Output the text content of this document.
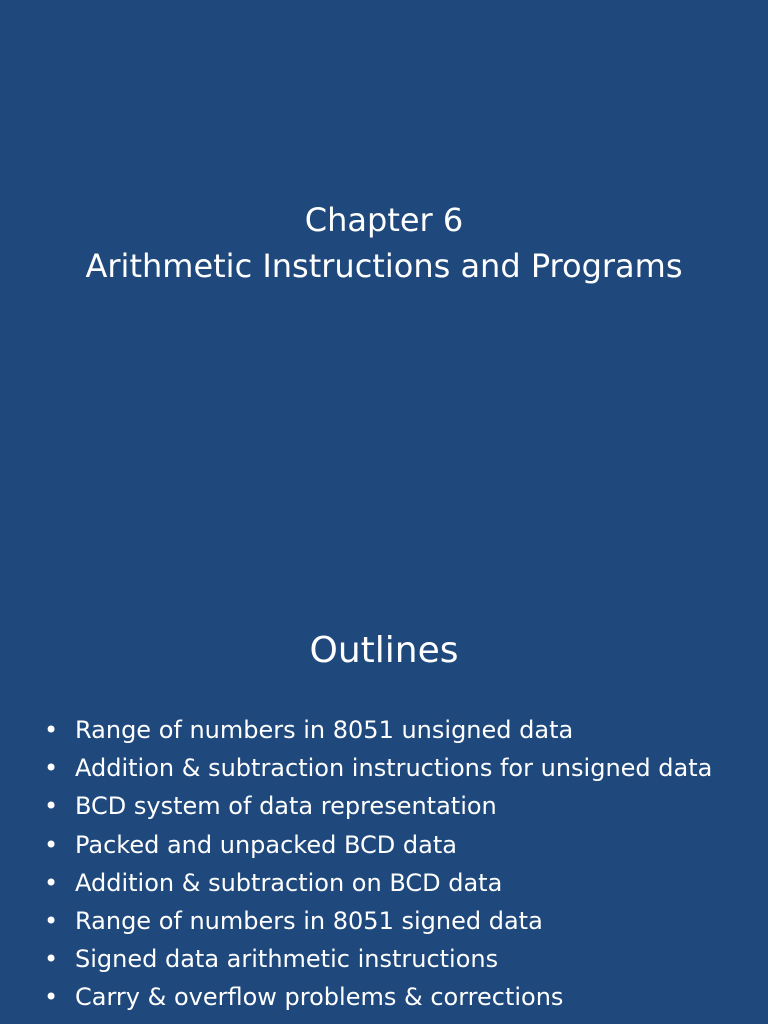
Chapter 6
Arithmetic Instructions and Programs
Outlines
• Range of numbers in 8051 unsigned data
• Addition & subtraction instructions for unsigned data
• BCD system of data representation
• Packed and unpacked BCD data
• Addition & subtraction on BCD data
• Range of numbers in 8051 signed data
• Signed data arithmetic instructions
• Carry & overflow problems & corrections
